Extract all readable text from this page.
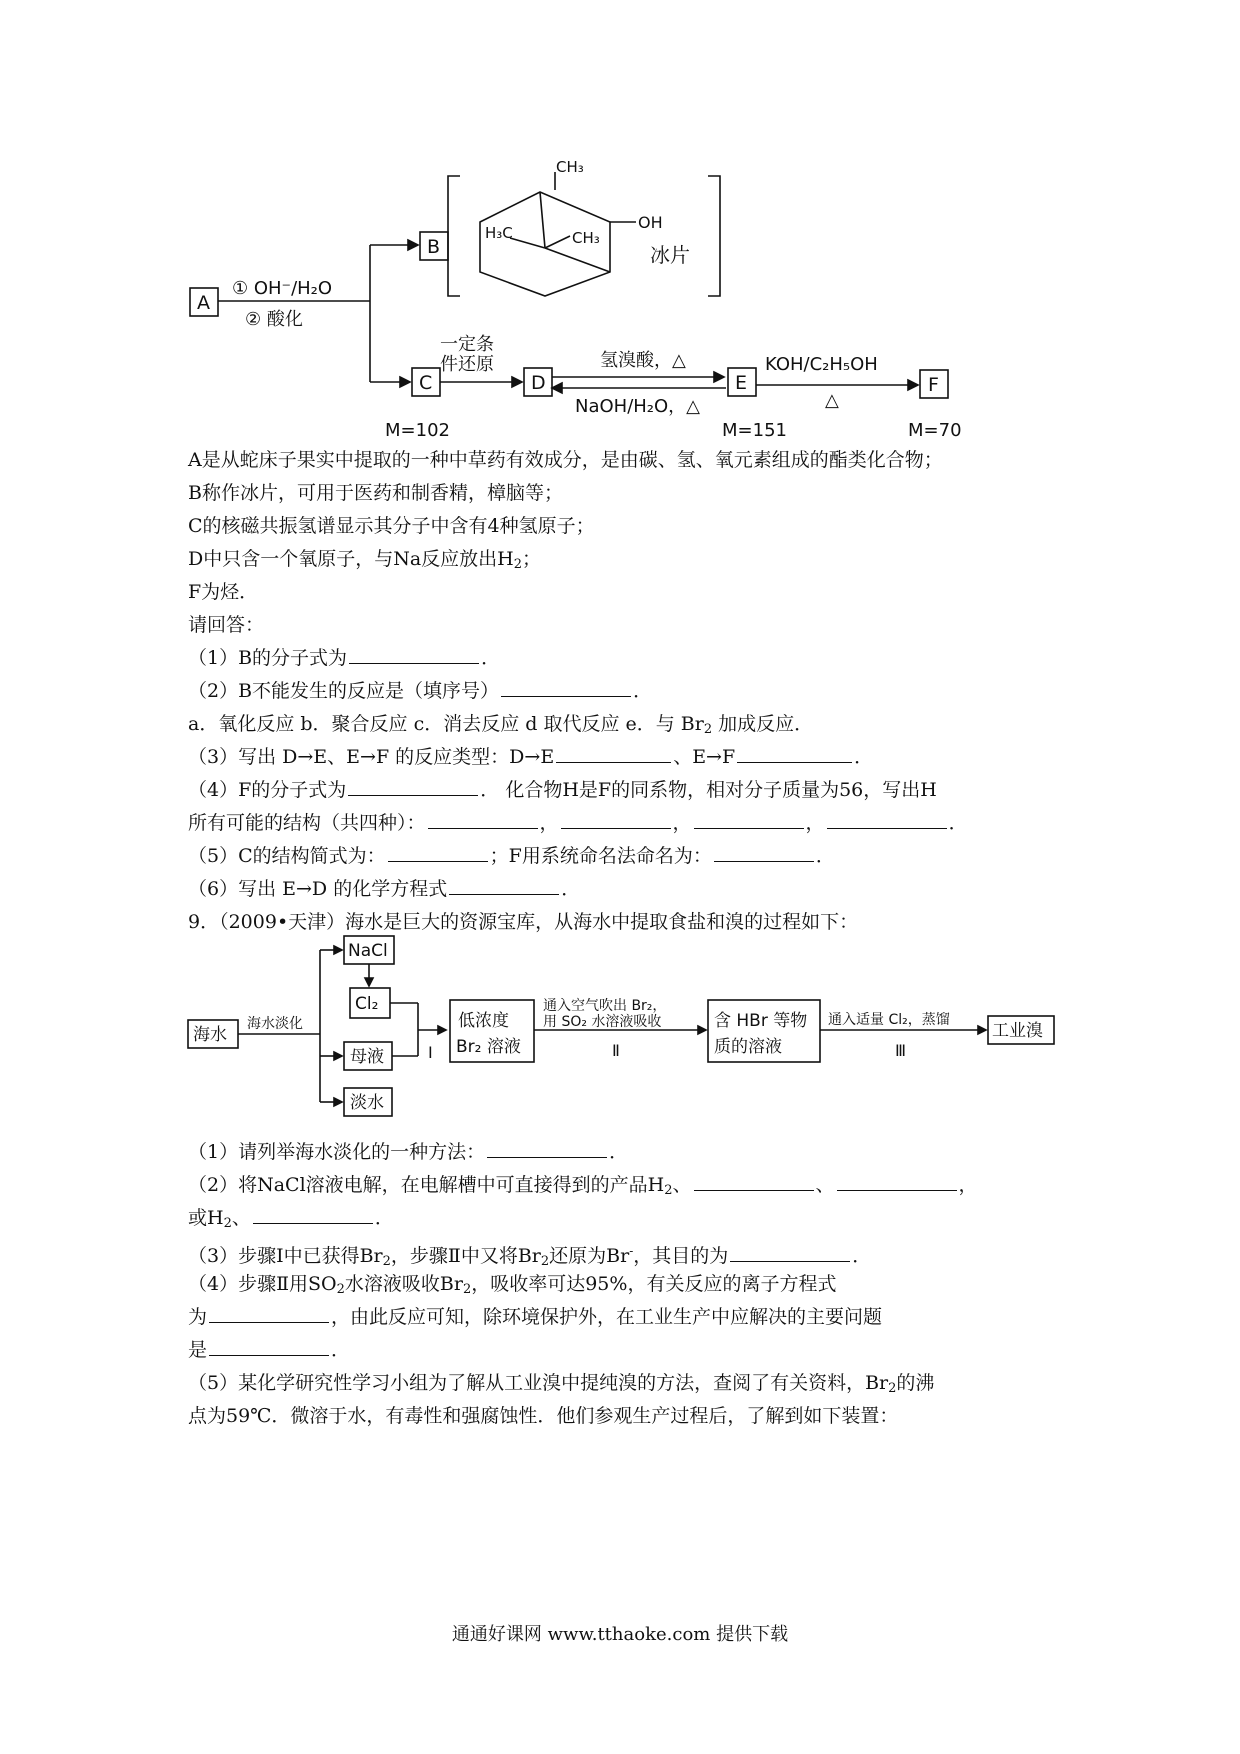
A
B
C	D	E	F
① OH⁻/H₂O
② 酸化
一定条
件还原	氢溴酸，△
NaOH/H₂O，△
KOH/C₂H₅OH
△
M=102	M=151	M=70
CH₃
H₃C	CH₃
OH
冰片
A是从蛇床子果实中提取的一种中草药有效成分，是由碳、氢、氧元素组成的酯类化合物；
B称作冰片，可用于医药和制香精，樟脑等；
C的核磁共振氢谱显示其分子中含有4种氢原子；
D中只含一个氧原子，与Na反应放出$H_2$；
F为烃．
请回答：
（1）B的分子式为	．
（2）B不能发生的反应是（填序号）	．
a．氧化反应 b．聚合反应 c．消去反应 d 取代反应 e．与 $Br_2$ 加成反应．
（3）写出 D→E、E→F 的反应类型：D→E	、E→F	．
（4）F的分子式为	． 化合物H是F的同系物，相对分子质量为56，写出H
所有可能的结构（共四种）：	，	，	，	．
（5）C的结构简式为：	；F用系统命名法命名为：	．
（6）写出 E→D 的化学方程式	．
9．（2009•天津）海水是巨大的资源宝库，从海水中提取食盐和溴的过程如下：
海水
海水淡化
NaCl
Cl₂
母液
淡水
Ⅰ
低浓度
Br₂ 溶液
通入空气吹出 Br₂，
用 SO₂ 水溶液吸收
Ⅱ
含 HBr 等物
质的溶液
通入适量 Cl₂，蒸馏
Ⅲ
工业溴
（1）请列举海水淡化的一种方法：	．
（2）将NaCl溶液电解，在电解槽中可直接得到的产品$H_2$、	、	，
或$H_2$、	．
（3）步骤Ⅰ中已获得$Br_2$，步骤Ⅱ中又将$Br_2$还原为Br-，其目的为	．
（4）步骤Ⅱ用$SO_2$水溶液吸收$Br_2$，吸收率可达95%，有关反应的离子方程式
为	，由此反应可知，除环境保护外，在工业生产中应解决的主要问题
是	．
（5）某化学研究性学习小组为了解从工业溴中提纯溴的方法，查阅了有关资料，$Br_2$的沸
点为59℃．微溶于水，有毒性和强腐蚀性．他们参观生产过程后，了解到如下装置：
通通好课网 www.tthaoke.com 提供下载
